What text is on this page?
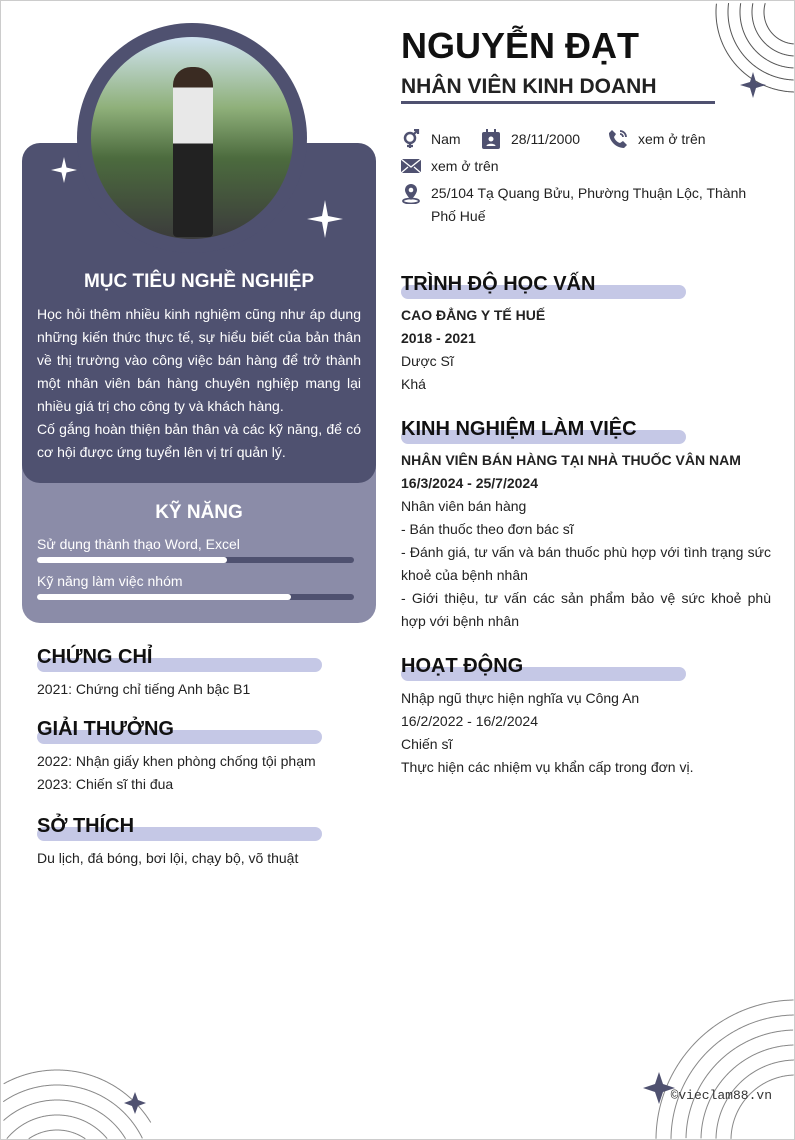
MỤC TIÊU NGHỀ NGHIỆP
Học hỏi thêm nhiều kinh nghiệm cũng như áp dụng những kiến thức thực tế, sự hiểu biết của bản thân về thị trường vào công việc bán hàng để trở thành một nhân viên bán hàng chuyên nghiệp mang lại nhiều giá trị cho công ty và khách hàng.
Cố gắng hoàn thiện bản thân và các kỹ năng, để có cơ hội được ứng tuyển lên vị trí quản lý.
KỸ NĂNG
Sử dụng thành thạo Word, Excel
Kỹ năng làm việc nhóm
CHỨNG CHỈ
2021: Chứng chỉ tiếng Anh bậc B1
GIẢI THƯỞNG
2022: Nhận giấy khen phòng chống tội phạm
2023: Chiến sĩ thi đua
SỞ THÍCH
Du lịch, đá bóng, bơi lội, chạy bộ, võ thuật
NGUYỄN ĐẠT
NHÂN VIÊN KINH DOANH
Nam	28/11/2000	xem ở trên
xem ở trên
25/104 Tạ Quang Bửu, Phường Thuận Lộc, Thành Phố Huế
TRÌNH ĐỘ HỌC VẤN
CAO ĐẲNG Y TẾ HUẾ
2018 - 2021
Dược Sĩ
Khá
KINH NGHIỆM LÀM VIỆC
NHÂN VIÊN BÁN HÀNG TẠI NHÀ THUỐC VÂN NAM
16/3/2024 - 25/7/2024
Nhân viên bán hàng
- Bán thuốc theo đơn bác sĩ
- Đánh giá, tư vấn và bán thuốc phù hợp với tình trạng sức khoẻ của bệnh nhân
- Giới thiệu, tư vấn các sản phẩm bảo vệ sức khoẻ phù hợp với bệnh nhân
HOẠT ĐỘNG
Nhập ngũ thực hiện nghĩa vụ Công An
16/2/2022 - 16/2/2024
Chiến sĩ
Thực hiện các nhiệm vụ khẩn cấp trong đơn vị.
©vieclam88.vn
